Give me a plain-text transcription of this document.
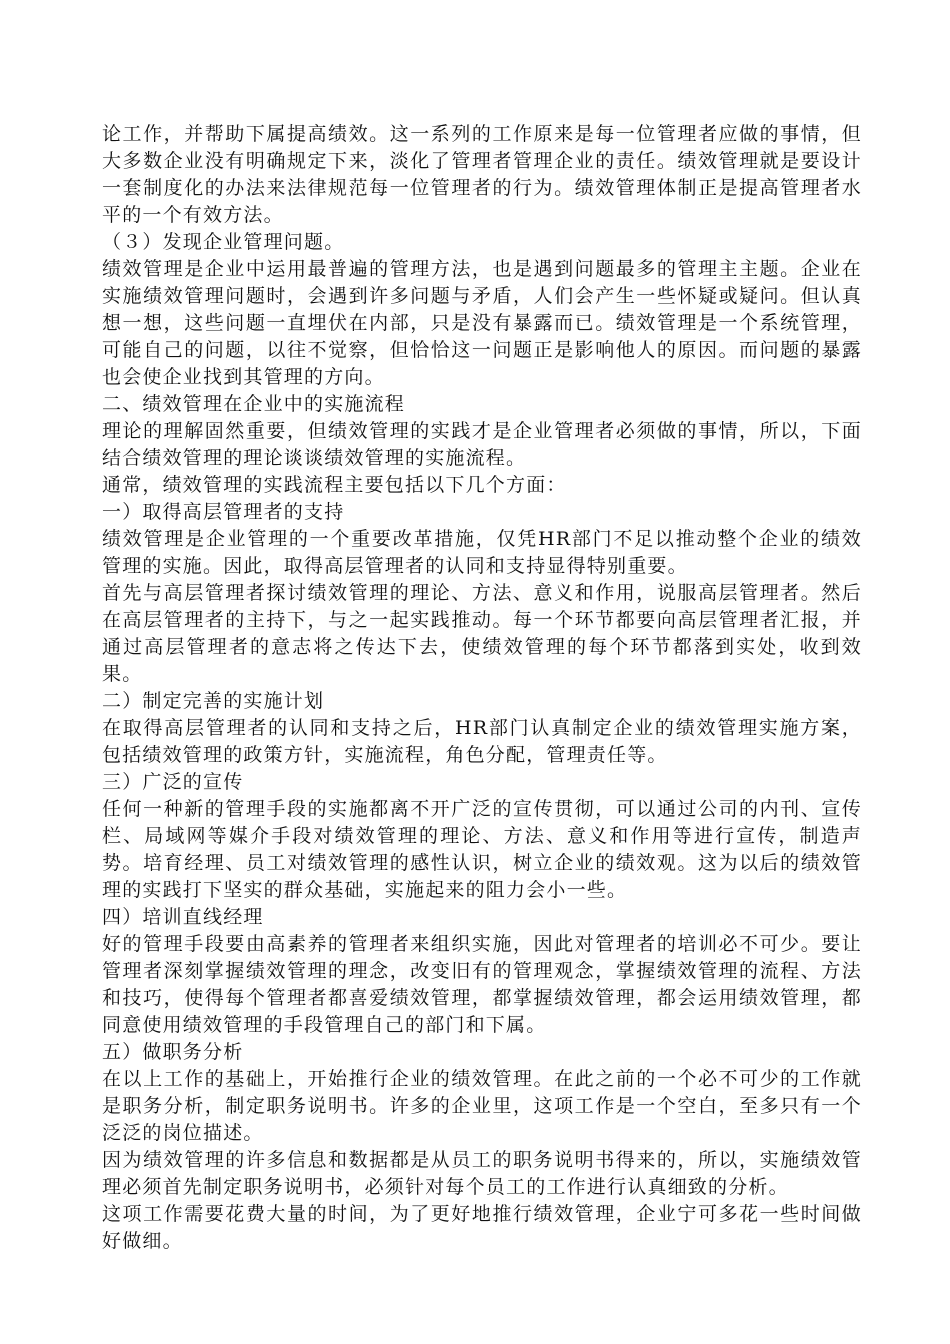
论工作，并帮助下属提高绩效。这一系列的工作原来是每一位管理者应做的事情，但大多数企业没有明确规定下来，淡化了管理者管理企业的责任。绩效管理就是要设计一套制度化的办法来法律规范每一位管理者的行为。绩效管理体制正是提高管理者水平的一个有效方法。

（３）发现企业管理问题。

绩效管理是企业中运用最普遍的管理方法，也是遇到问题最多的管理主主题。企业在实施绩效管理问题时，会遇到许多问题与矛盾，人们会产生一些怀疑或疑问。但认真想一想，这些问题一直埋伏在内部，只是没有暴露而已。绩效管理是一个系统管理，可能自己的问题，以往不觉察，但恰恰这一问题正是影响他人的原因。而问题的暴露也会使企业找到其管理的方向。

二、绩效管理在企业中的实施流程

理论的理解固然重要，但绩效管理的实践才是企业管理者必须做的事情，所以，下面结合绩效管理的理论谈谈绩效管理的实施流程。

通常，绩效管理的实践流程主要包括以下几个方面：

一）取得高层管理者的支持

绩效管理是企业管理的一个重要改革措施，仅凭HR部门不足以推动整个企业的绩效管理的实施。因此，取得高层管理者的认同和支持显得特别重要。

首先与高层管理者探讨绩效管理的理论、方法、意义和作用，说服高层管理者。然后在高层管理者的主持下，与之一起实践推动。每一个环节都要向高层管理者汇报，并通过高层管理者的意志将之传达下去，使绩效管理的每个环节都落到实处，收到效果。

二）制定完善的实施计划

在取得高层管理者的认同和支持之后，HR部门认真制定企业的绩效管理实施方案，包括绩效管理的政策方针，实施流程，角色分配，管理责任等。

三）广泛的宣传

任何一种新的管理手段的实施都离不开广泛的宣传贯彻，可以通过公司的内刊、宣传栏、局域网等媒介手段对绩效管理的理论、方法、意义和作用等进行宣传，制造声势。培育经理、员工对绩效管理的感性认识，树立企业的绩效观。这为以后的绩效管理的实践打下坚实的群众基础，实施起来的阻力会小一些。

四）培训直线经理

好的管理手段要由高素养的管理者来组织实施，因此对管理者的培训必不可少。要让管理者深刻掌握绩效管理的理念，改变旧有的管理观念，掌握绩效管理的流程、方法和技巧，使得每个管理者都喜爱绩效管理，都掌握绩效管理，都会运用绩效管理，都同意使用绩效管理的手段管理自己的部门和下属。

五）做职务分析

在以上工作的基础上，开始推行企业的绩效管理。在此之前的一个必不可少的工作就是职务分析，制定职务说明书。许多的企业里，这项工作是一个空白，至多只有一个泛泛的岗位描述。

因为绩效管理的许多信息和数据都是从员工的职务说明书得来的，所以，实施绩效管理必须首先制定职务说明书，必须针对每个员工的工作进行认真细致的分析。

这项工作需要花费大量的时间，为了更好地推行绩效管理，企业宁可多花一些时间做好做细。
